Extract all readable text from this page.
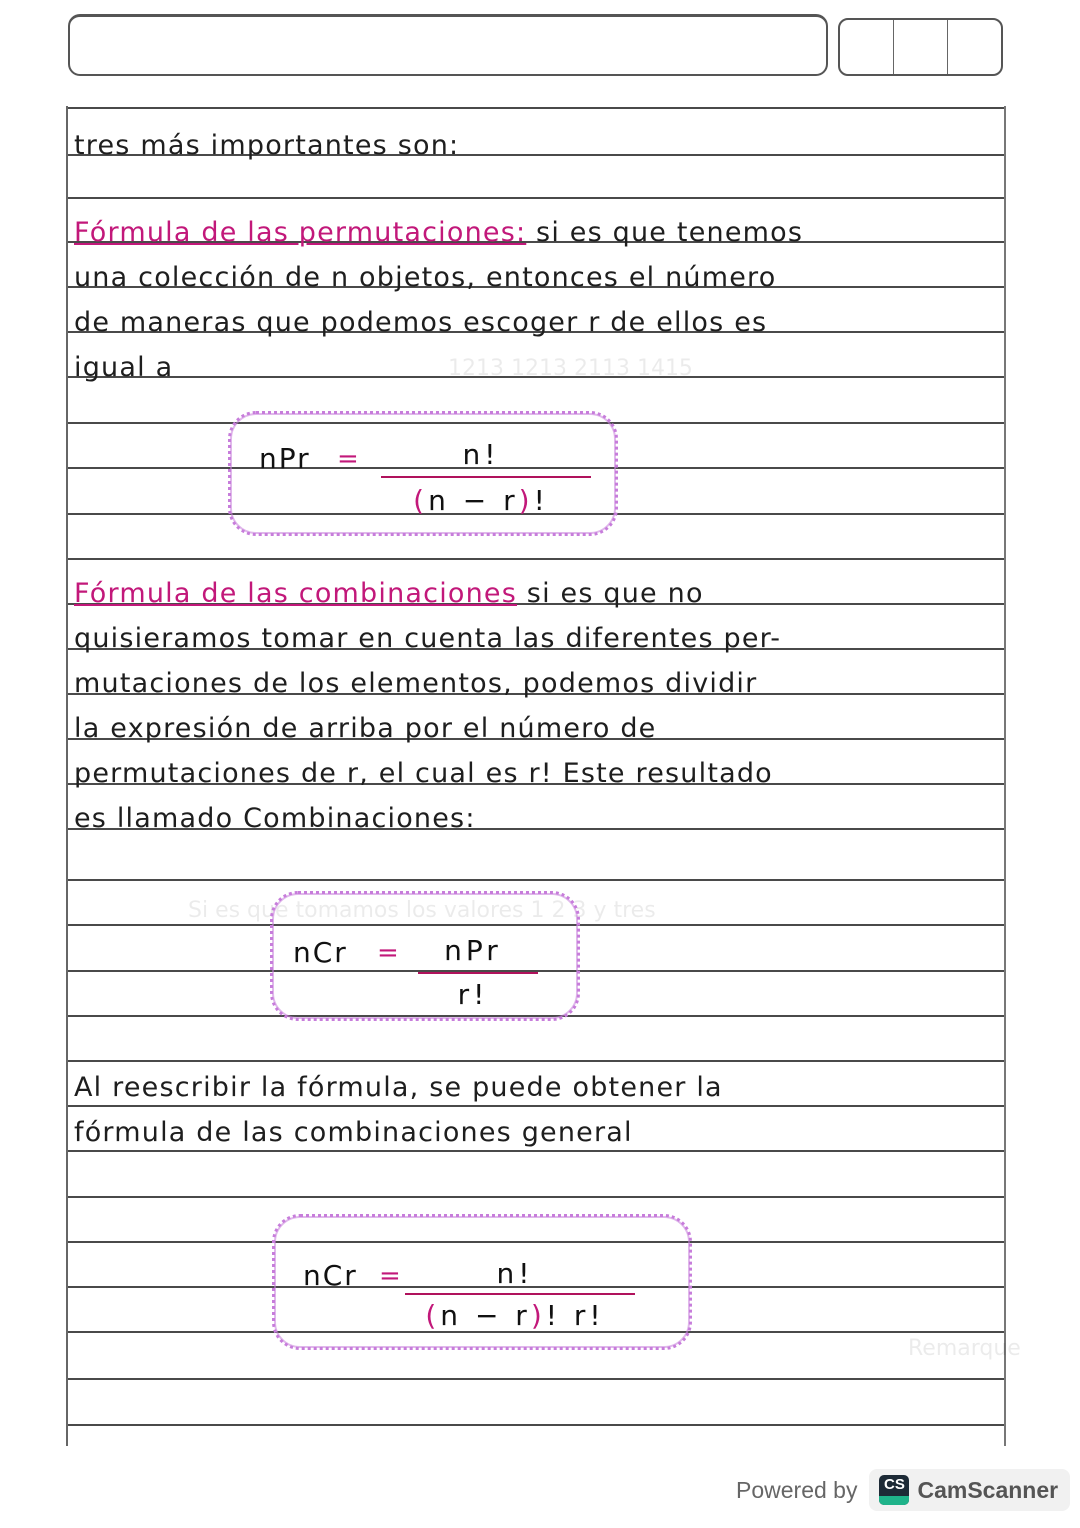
1213 1213 2113 1415
Si es que tomamos los valores 1 2 3 y tres
Remarque
tres más importantes son:
Fórmula de las permutaciones: si es que tenemos
una colección de n objetos, entonces el número
de maneras que podemos escoger r de ellos es
igual a
nPr =	n!
(n − r)!
Fórmula de las combinaciones si es que no
quisieramos tomar en cuenta las diferentes per-
mutaciones de los elementos, podemos dividir
la expresión de arriba por el número de
permutaciones de r, el cual es r! Este resultado
es llamado Combinaciones:
nCr =	nPr
r!
Al reescribir la fórmula, se puede obtener la
fórmula de las combinaciones general
nCr =	n!
(n − r)! r!
Powered by CS CamScanner
